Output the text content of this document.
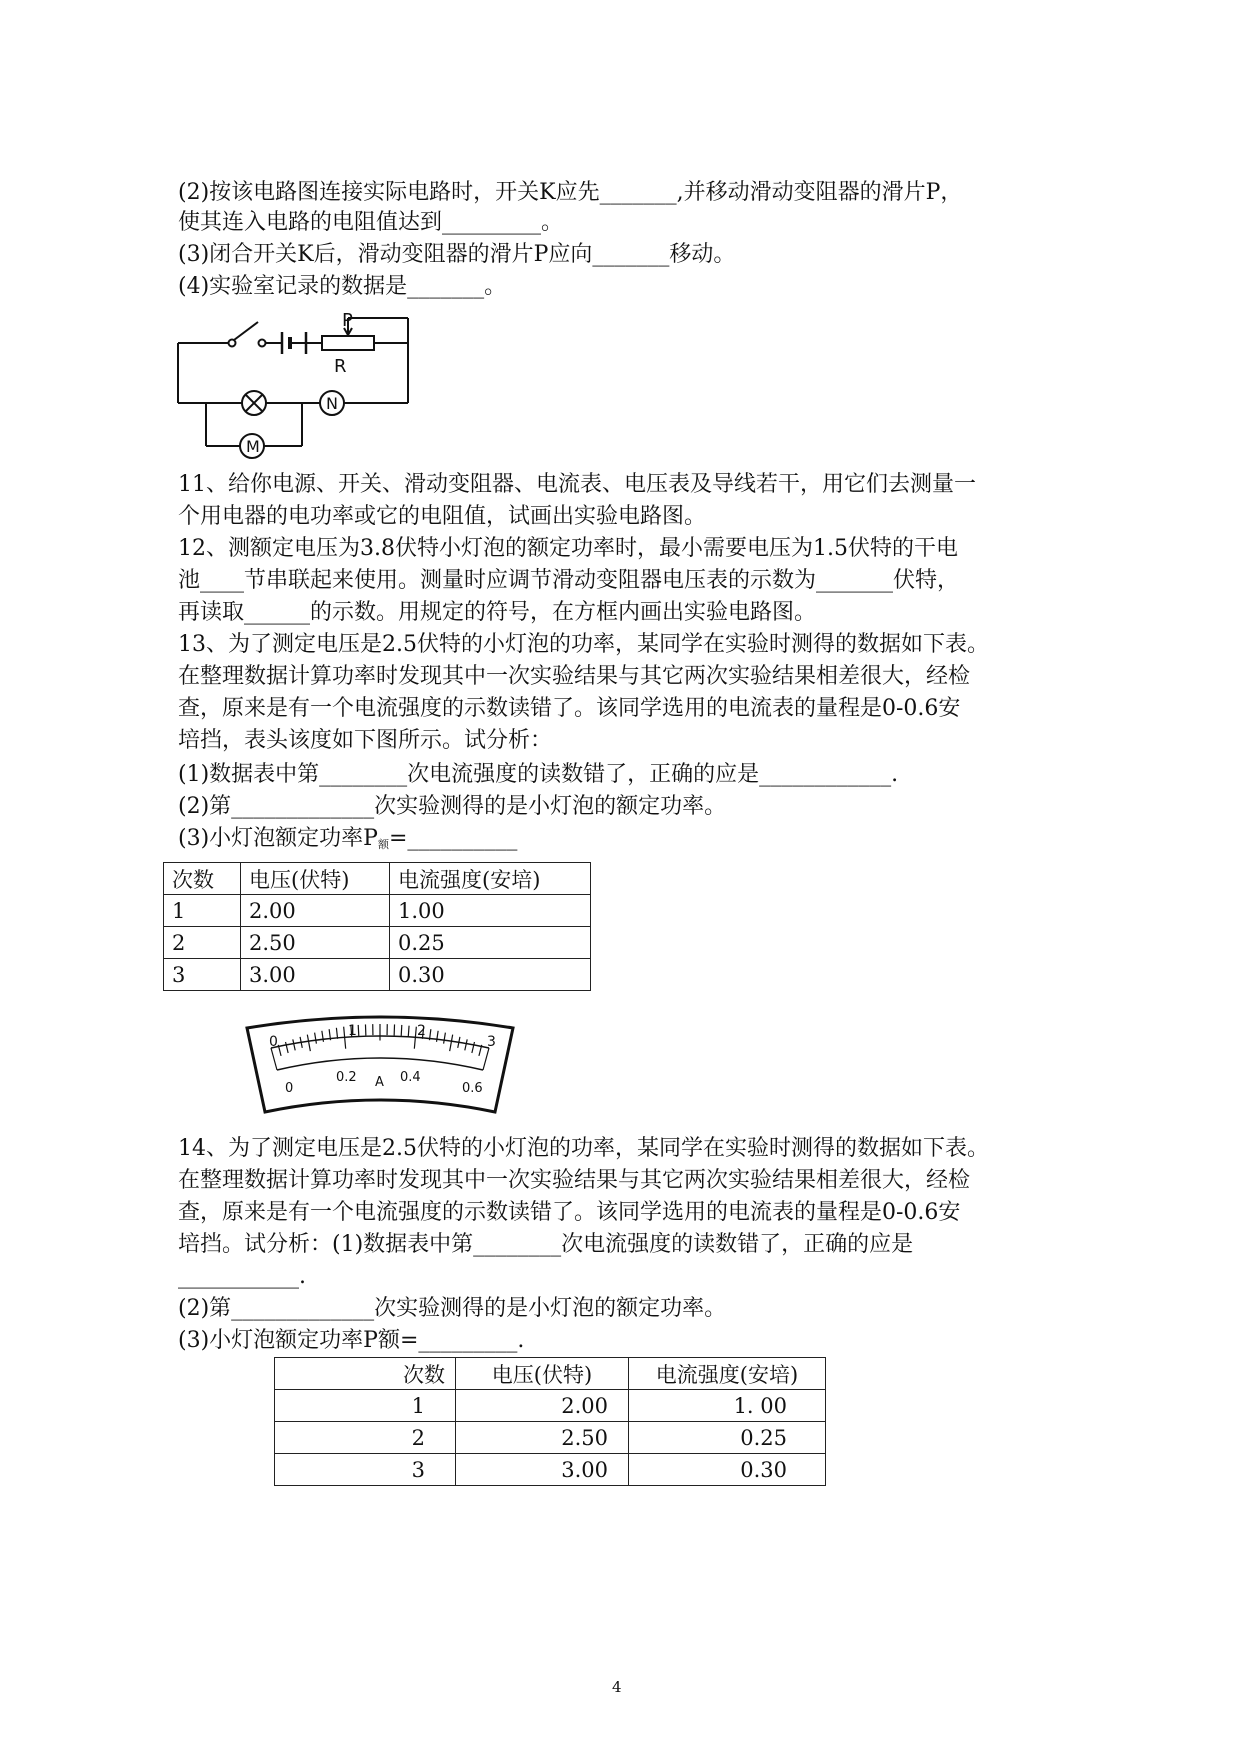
(2)按该电路图连接实际电路时，开关K应先_______,并移动滑动变阻器的滑片P，
使其连入电路的电阻值达到_________。
(3)闭合开关K后，滑动变阻器的滑片P应向_______移动。
(4)实验室记录的数据是_______。
P
R
N
M
11、给你电源、开关、滑动变阻器、电流表、电压表及导线若干，用它们去测量一
个用电器的电功率或它的电阻值，试画出实验电路图。
12、测额定电压为3.8伏特小灯泡的额定功率时，最小需要电压为1.5伏特的干电
池____节串联起来使用。测量时应调节滑动变阻器电压表的示数为_______伏特，
再读取______的示数。用规定的符号，在方框内画出实验电路图。
13、为了测定电压是2.5伏特的小灯泡的功率，某同学在实验时测得的数据如下表。
在整理数据计算功率时发现其中一次实验结果与其它两次实验结果相差很大，经检
查，原来是有一个电流强度的示数读错了。该同学选用的电流表的量程是0-0.6安
培挡，表头该度如下图所示。试分析：
(1)数据表中第________次电流强度的读数错了，正确的应是____________.
(2)第_____________次实验测得的是小灯泡的额定功率。
(3)小灯泡额定功率$P_额=\_\_\_\_\_\_\_\_\_\_$
次数	电压(伏特)	电流强度(安培)
1	2.00	1.00
2	2.50	0.25
3	3.00	0.30
0
1	2
3
0
0.2	0.4
0.6
A
14、为了测定电压是2.5伏特的小灯泡的功率，某同学在实验时测得的数据如下表。
在整理数据计算功率时发现其中一次实验结果与其它两次实验结果相差很大，经检
查，原来是有一个电流强度的示数读错了。该同学选用的电流表的量程是0-0.6安
培挡。试分析：(1)数据表中第________次电流强度的读数错了，正确的应是
___________.
(2)第_____________次实验测得的是小灯泡的额定功率。
(3)小灯泡额定功率P额=_________.
次数	电压(伏特)	电流强度(安培)
1	2.00	1. 00
2	2.50	0.25
3	3.00	0.30
4
